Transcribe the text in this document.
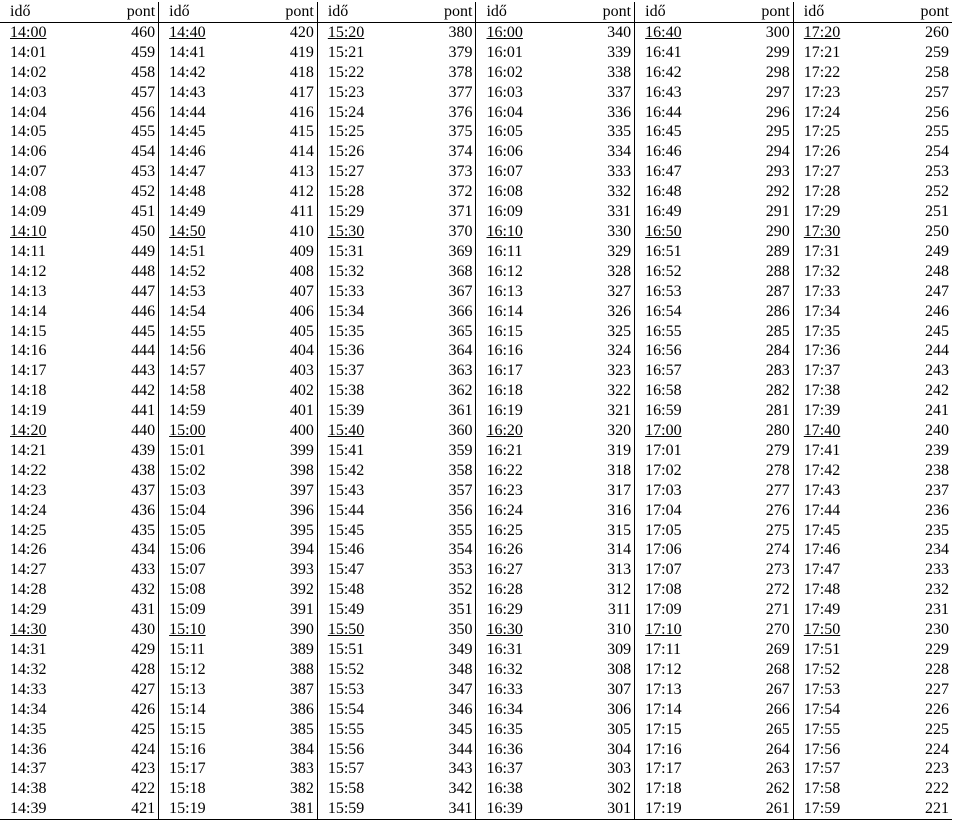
idő	pont	idő	pont	idő	pont	idő	pont	idő	pont	idő	pont
14:00	460	14:40	420	15:20	380	16:00	340	16:40	300	17:20	260
14:01	459	14:41	419	15:21	379	16:01	339	16:41	299	17:21	259
14:02	458	14:42	418	15:22	378	16:02	338	16:42	298	17:22	258
14:03	457	14:43	417	15:23	377	16:03	337	16:43	297	17:23	257
14:04	456	14:44	416	15:24	376	16:04	336	16:44	296	17:24	256
14:05	455	14:45	415	15:25	375	16:05	335	16:45	295	17:25	255
14:06	454	14:46	414	15:26	374	16:06	334	16:46	294	17:26	254
14:07	453	14:47	413	15:27	373	16:07	333	16:47	293	17:27	253
14:08	452	14:48	412	15:28	372	16:08	332	16:48	292	17:28	252
14:09	451	14:49	411	15:29	371	16:09	331	16:49	291	17:29	251
14:10	450	14:50	410	15:30	370	16:10	330	16:50	290	17:30	250
14:11	449	14:51	409	15:31	369	16:11	329	16:51	289	17:31	249
14:12	448	14:52	408	15:32	368	16:12	328	16:52	288	17:32	248
14:13	447	14:53	407	15:33	367	16:13	327	16:53	287	17:33	247
14:14	446	14:54	406	15:34	366	16:14	326	16:54	286	17:34	246
14:15	445	14:55	405	15:35	365	16:15	325	16:55	285	17:35	245
14:16	444	14:56	404	15:36	364	16:16	324	16:56	284	17:36	244
14:17	443	14:57	403	15:37	363	16:17	323	16:57	283	17:37	243
14:18	442	14:58	402	15:38	362	16:18	322	16:58	282	17:38	242
14:19	441	14:59	401	15:39	361	16:19	321	16:59	281	17:39	241
14:20	440	15:00	400	15:40	360	16:20	320	17:00	280	17:40	240
14:21	439	15:01	399	15:41	359	16:21	319	17:01	279	17:41	239
14:22	438	15:02	398	15:42	358	16:22	318	17:02	278	17:42	238
14:23	437	15:03	397	15:43	357	16:23	317	17:03	277	17:43	237
14:24	436	15:04	396	15:44	356	16:24	316	17:04	276	17:44	236
14:25	435	15:05	395	15:45	355	16:25	315	17:05	275	17:45	235
14:26	434	15:06	394	15:46	354	16:26	314	17:06	274	17:46	234
14:27	433	15:07	393	15:47	353	16:27	313	17:07	273	17:47	233
14:28	432	15:08	392	15:48	352	16:28	312	17:08	272	17:48	232
14:29	431	15:09	391	15:49	351	16:29	311	17:09	271	17:49	231
14:30	430	15:10	390	15:50	350	16:30	310	17:10	270	17:50	230
14:31	429	15:11	389	15:51	349	16:31	309	17:11	269	17:51	229
14:32	428	15:12	388	15:52	348	16:32	308	17:12	268	17:52	228
14:33	427	15:13	387	15:53	347	16:33	307	17:13	267	17:53	227
14:34	426	15:14	386	15:54	346	16:34	306	17:14	266	17:54	226
14:35	425	15:15	385	15:55	345	16:35	305	17:15	265	17:55	225
14:36	424	15:16	384	15:56	344	16:36	304	17:16	264	17:56	224
14:37	423	15:17	383	15:57	343	16:37	303	17:17	263	17:57	223
14:38	422	15:18	382	15:58	342	16:38	302	17:18	262	17:58	222
14:39	421	15:19	381	15:59	341	16:39	301	17:19	261	17:59	221
